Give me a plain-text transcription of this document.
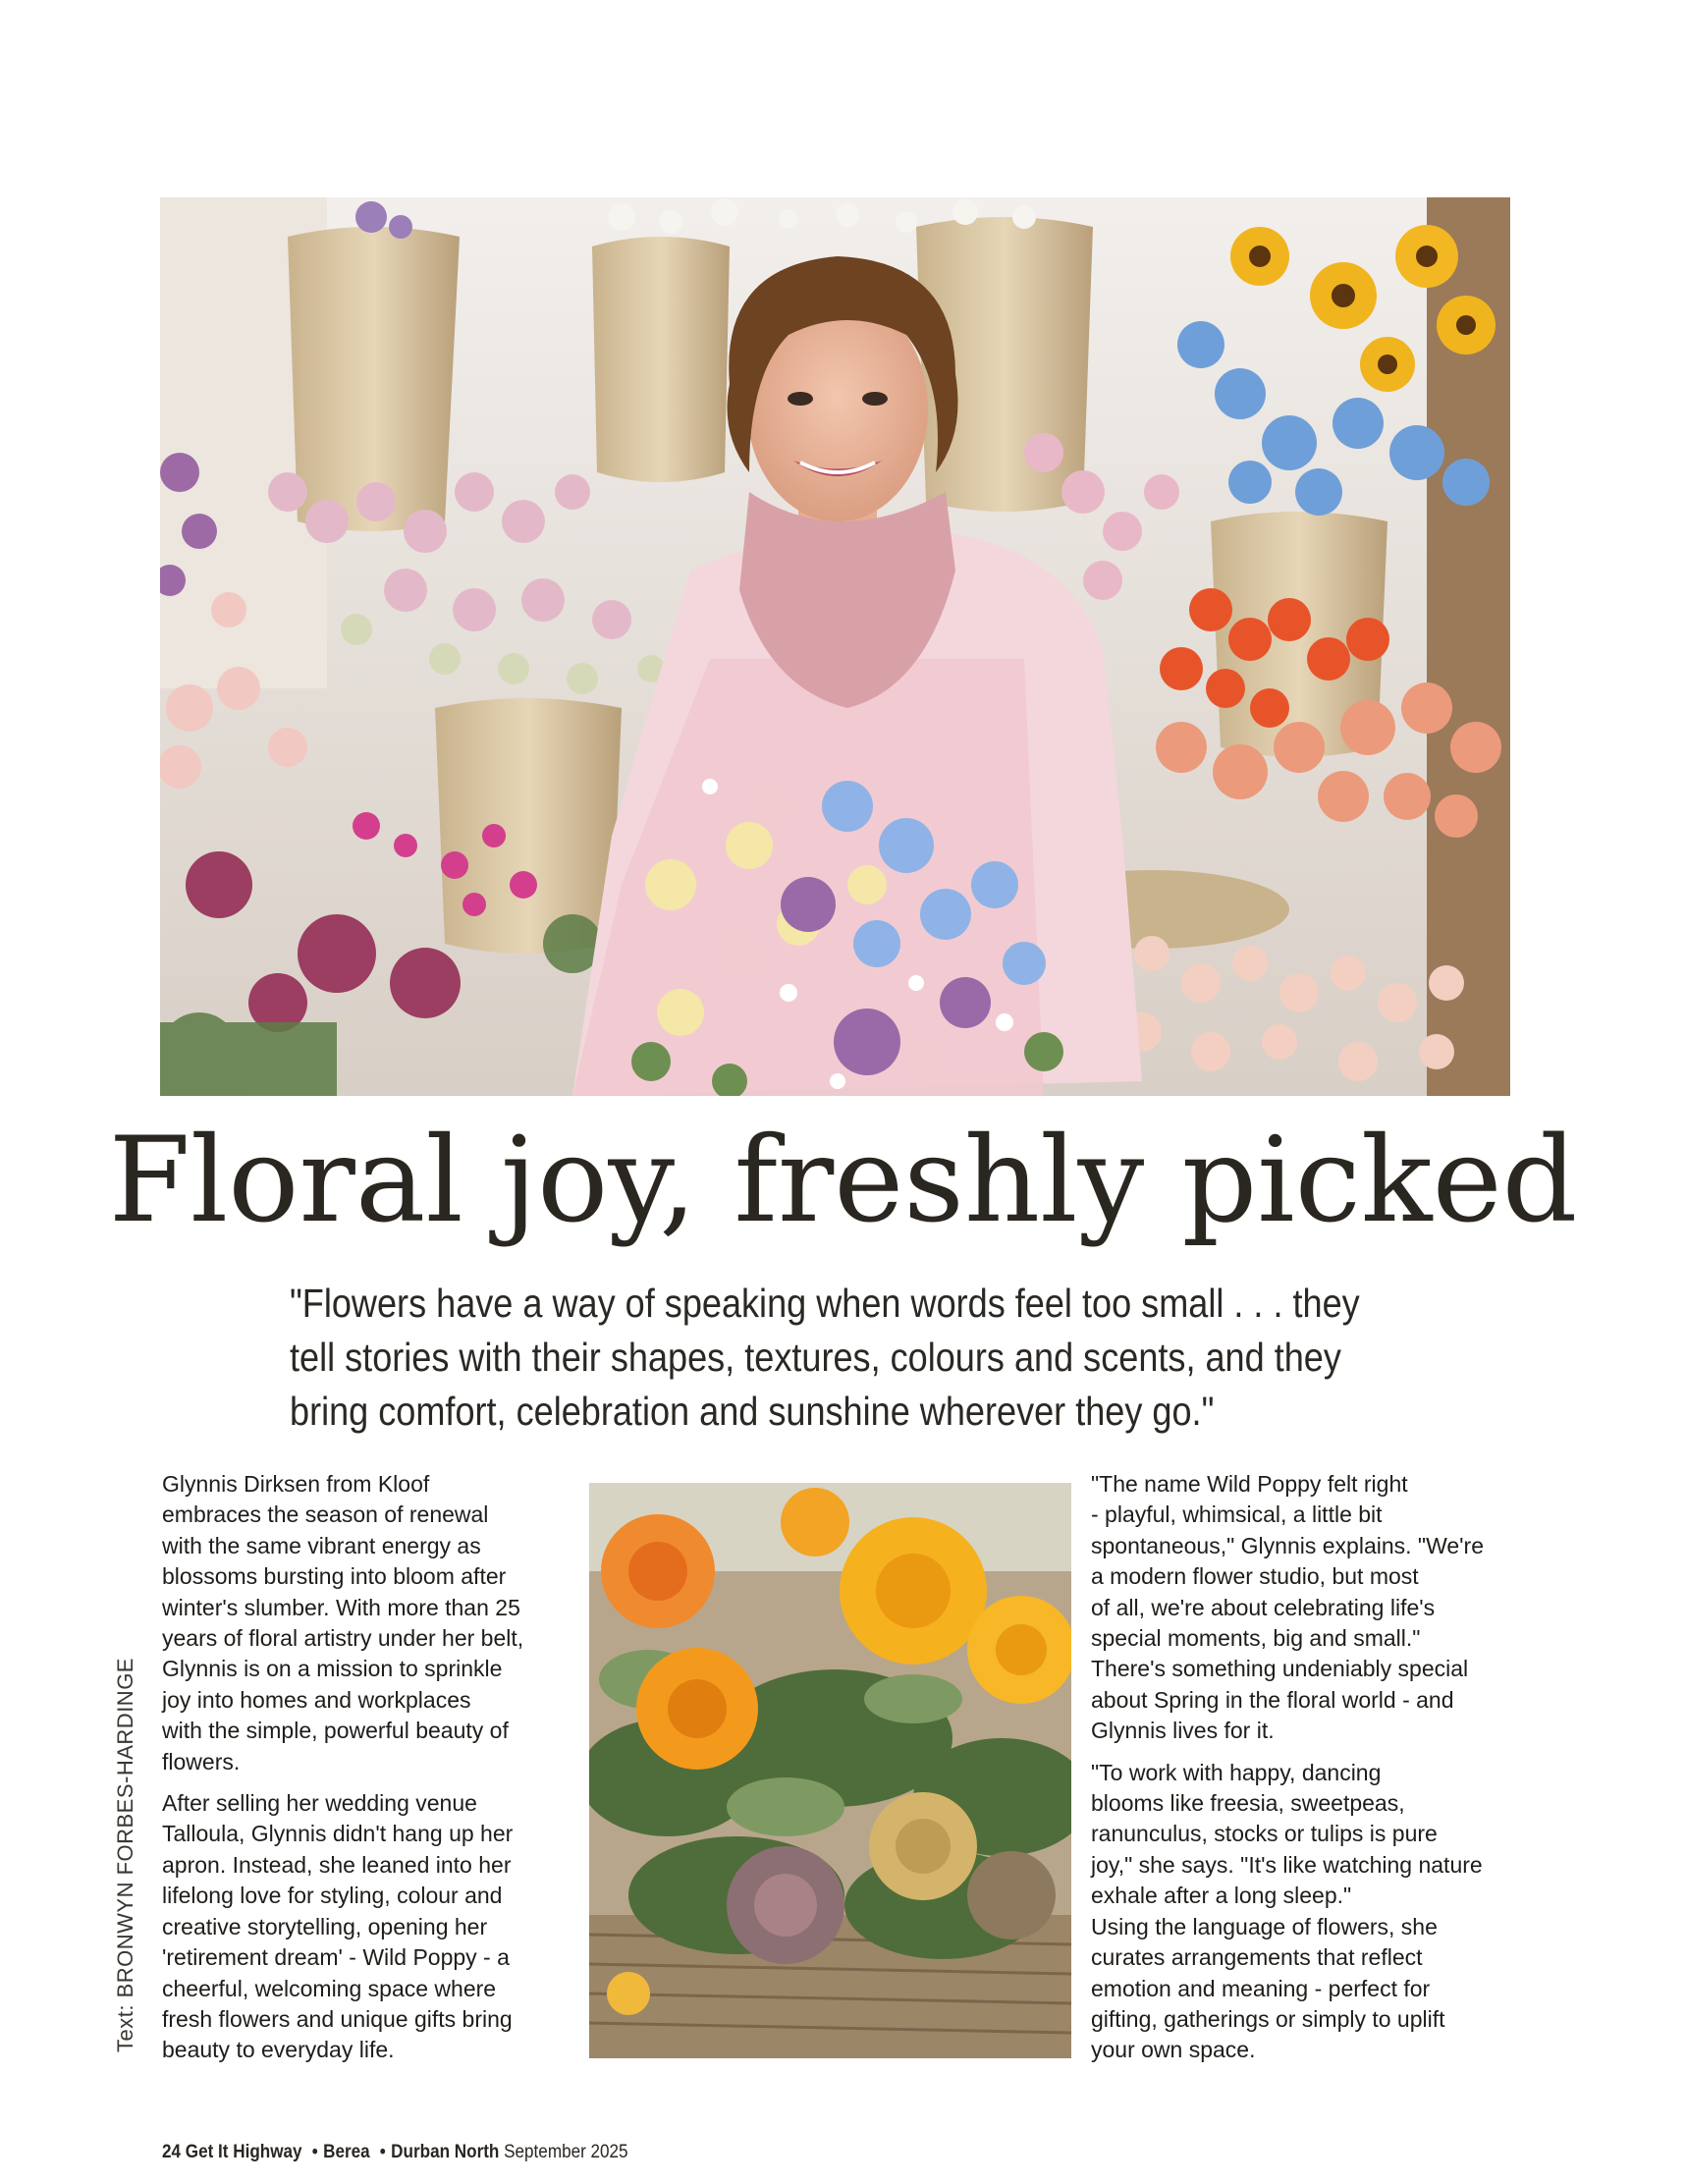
Floral joy, freshly picked

"Flowers have a way of speaking when words feel too small . . . they

tell stories with their shapes, textures, colours and scents, and they

bring comfort, celebration and sunshine wherever they go."

Glynnis Dirksen from Kloof

embraces the season of renewal

with the same vibrant energy as

blossoms bursting into bloom after

winter's slumber. With more than 25

years of floral artistry under her belt,

Glynnis is on a mission to sprinkle

joy into homes and workplaces

with the simple, powerful beauty of

flowers.

After selling her wedding venue

Talloula, Glynnis didn't hang up her

apron. Instead, she leaned into her

lifelong love for styling, colour and

creative storytelling, opening her

'retirement dream' - Wild Poppy - a

cheerful, welcoming space where

fresh flowers and unique gifts bring

beauty to everyday life.

"The name Wild Poppy felt right

- playful, whimsical, a little bit

spontaneous," Glynnis explains. "We're

a modern flower studio, but most

of all, we're about celebrating life's

special moments, big and small."

There's something undeniably special

about Spring in the floral world - and

Glynnis lives for it.

"To work with happy, dancing

blooms like freesia, sweetpeas,

ranunculus, stocks or tulips is pure

joy," she says. "It's like watching nature

exhale after a long sleep."

Using the language of flowers, she

curates arrangements that reflect

emotion and meaning - perfect for

gifting, gatherings or simply to uplift

your own space.

Text: BRONWYN FORBES-HARDINGE
24 Get It Highway • Berea • Durban North September 2025
